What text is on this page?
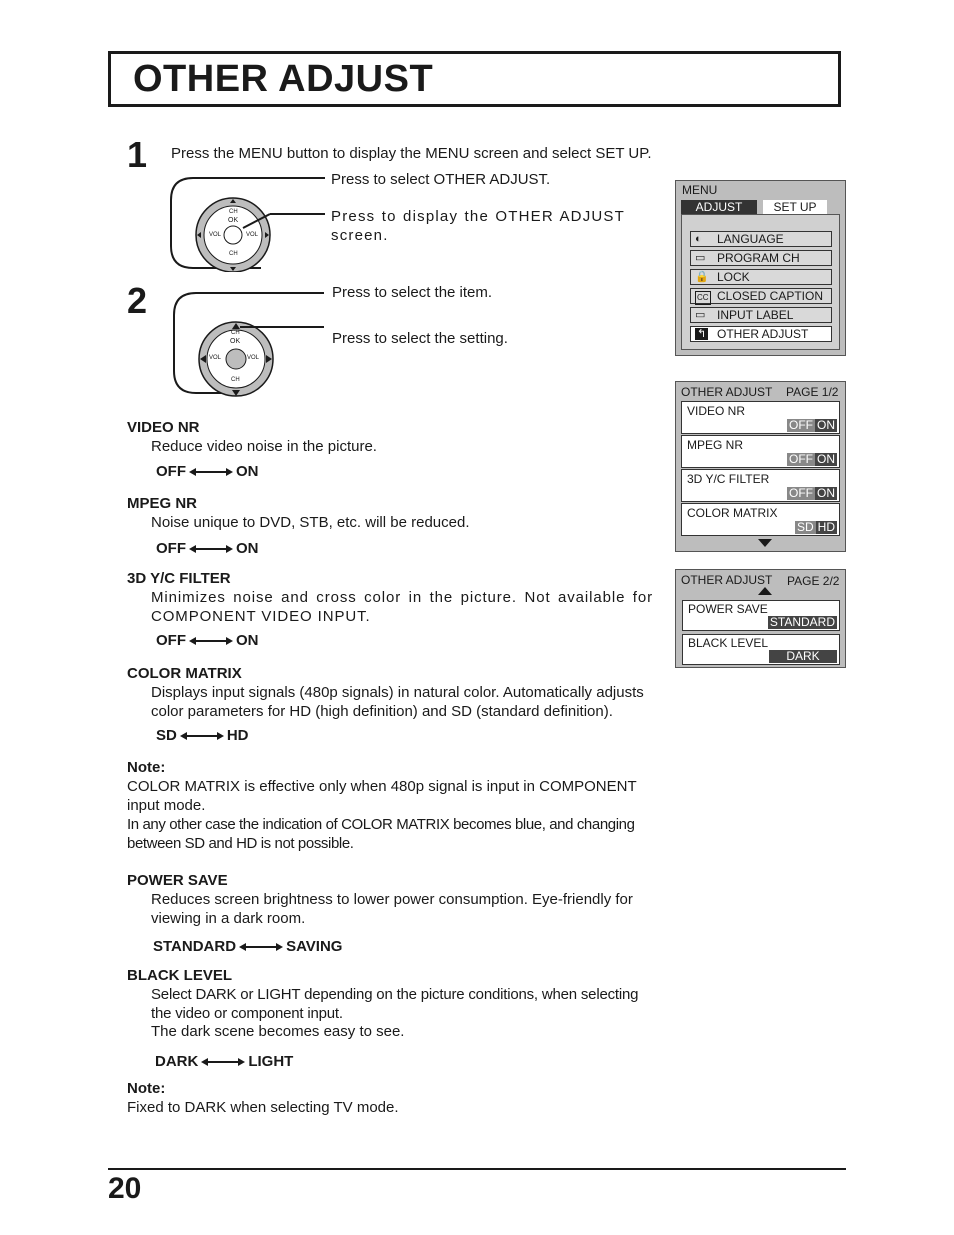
OTHER ADJUST
1 Press the MENU button to display the MENU screen and select SET UP.
CH
OK
VOL	VOL
CH
Press to select OTHER ADJUST.
Press to display the OTHER ADJUST screen.
2
CH
OK
VOL	VOL
CH
Press to select the item.
Press to select the setting.
VIDEO NR
Reduce video noise in the picture.
OFF	ON
MPEG NR
Noise unique to DVD, STB, etc. will be reduced.
OFF	ON
3D Y/C FILTER
Minimizes noise and cross color in the picture. Not available for COMPONENT VIDEO INPUT.
OFF	ON
COLOR MATRIX
Displays input signals (480p signals) in natural color. Automatically adjusts color parameters for HD (high definition) and SD (standard definition).
SD	HD
Note:
COLOR MATRIX is effective only when 480p signal is input in COMPONENT input mode.
In any other case the indication of COLOR MATRIX becomes blue, and changing between SD and HD is not possible.
POWER SAVE
Reduces screen brightness to lower power consumption. Eye-friendly for viewing in a dark room.
STANDARD	SAVING
BLACK LEVEL
Select DARK or LIGHT depending on the picture conditions, when selecting the video or component input.
The dark scene becomes easy to see.
DARK	LIGHT
Note:
Fixed to DARK when selecting TV mode.
MENU
ADJUST	SET UP
◐ LANGUAGE
▭ PROGRAM CH
🔒 LOCK
CC CLOSED CAPTION
▭ INPUT LABEL
↰ OTHER ADJUST
OTHER ADJUST PAGE 1/2
VIDEO NR
OFF ON
MPEG NR
OFF ON
3D Y/C FILTER
OFF ON
COLOR MATRIX
SD HD
OTHER ADJUST PAGE 2/2
POWER SAVE
STANDARD
BLACK LEVEL
DARK
20
